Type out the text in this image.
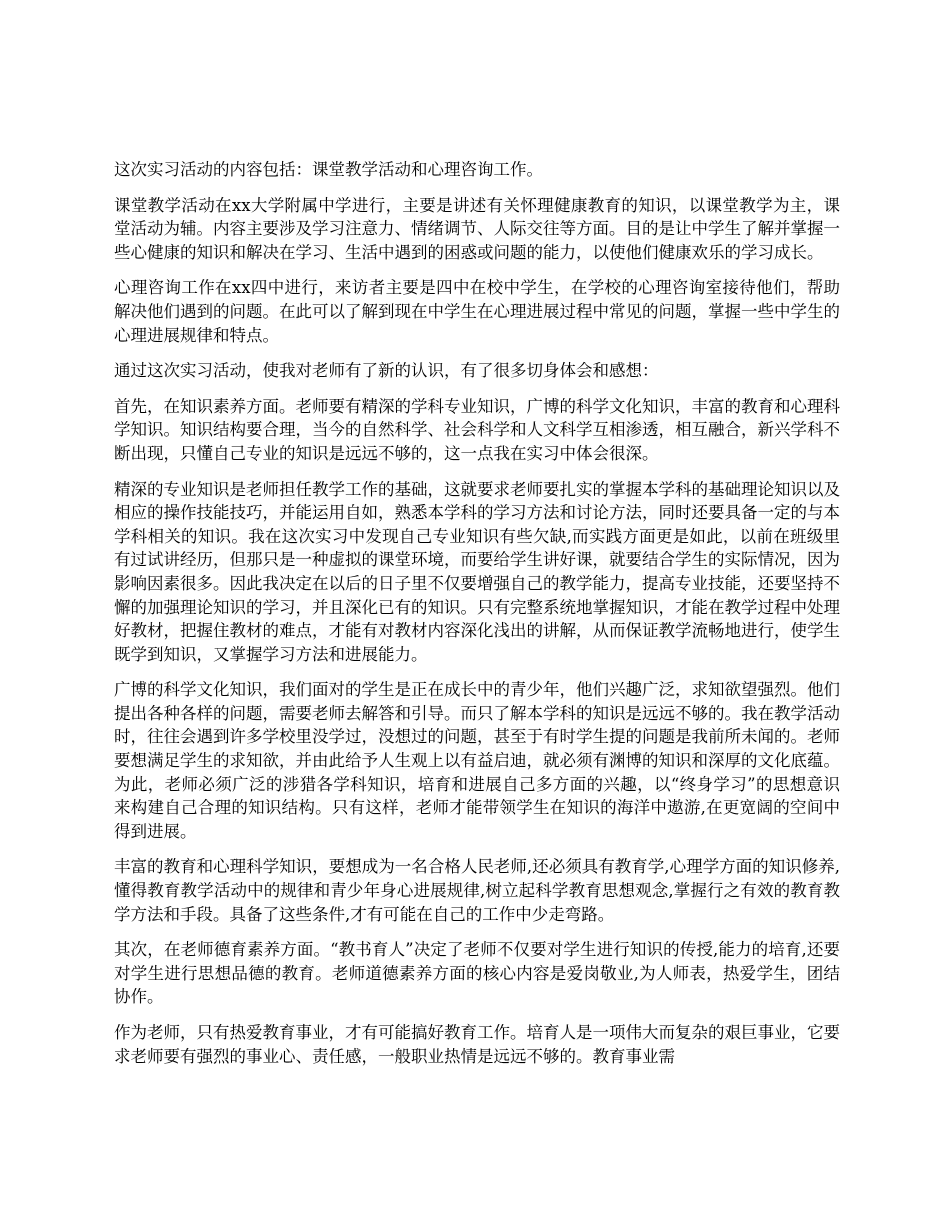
这次实习活动的内容包括：课堂教学活动和心理咨询工作。

课堂教学活动在xx大学附属中学进行，主要是讲述有关怀理健康教育的知识，以课堂教学为主，课堂活动为辅。内容主要涉及学习注意力、情绪调节、人际交往等方面。目的是让中学生了解并掌握一些心健康的知识和解决在学习、生活中遇到的困惑或问题的能力，以使他们健康欢乐的学习成长。

心理咨询工作在xx四中进行，来访者主要是四中在校中学生，在学校的心理咨询室接待他们，帮助解决他们遇到的问题。在此可以了解到现在中学生在心理进展过程中常见的问题，掌握一些中学生的心理进展规律和特点。

通过这次实习活动，使我对老师有了新的认识，有了很多切身体会和感想：

首先，在知识素养方面。老师要有精深的学科专业知识，广博的科学文化知识，丰富的教育和心理科学知识。知识结构要合理，当今的自然科学、社会科学和人文科学互相渗透，相互融合，新兴学科不断出现，只懂自己专业的知识是远远不够的，这一点我在实习中体会很深。

精深的专业知识是老师担任教学工作的基础，这就要求老师要扎实的掌握本学科的基础理论知识以及相应的操作技能技巧，并能运用自如，熟悉本学科的学习方法和讨论方法，同时还要具备一定的与本学科相关的知识。我在这次实习中发现自己专业知识有些欠缺,而实践方面更是如此，以前在班级里有过试讲经历，但那只是一种虚拟的课堂环境，而要给学生讲好课，就要结合学生的实际情况，因为影响因素很多。因此我决定在以后的日子里不仅要增强自己的教学能力，提高专业技能，还要坚持不懈的加强理论知识的学习，并且深化已有的知识。只有完整系统地掌握知识，才能在教学过程中处理好教材，把握住教材的难点，才能有对教材内容深化浅出的讲解，从而保证教学流畅地进行，使学生既学到知识，又掌握学习方法和进展能力。

广博的科学文化知识，我们面对的学生是正在成长中的青少年，他们兴趣广泛，求知欲望强烈。他们提出各种各样的问题，需要老师去解答和引导。而只了解本学科的知识是远远不够的。我在教学活动时，往往会遇到许多学校里没学过，没想过的问题，甚至于有时学生提的问题是我前所未闻的。老师要想满足学生的求知欲，并由此给予人生观上以有益启迪，就必须有渊博的知识和深厚的文化底蕴。为此，老师必须广泛的涉猎各学科知识，培育和进展自己多方面的兴趣，以“终身学习”的思想意识来构建自己合理的知识结构。只有这样，老师才能带领学生在知识的海洋中遨游,在更宽阔的空间中得到进展。

丰富的教育和心理科学知识，要想成为一名合格人民老师,还必须具有教育学,心理学方面的知识修养,懂得教育教学活动中的规律和青少年身心进展规律,树立起科学教育思想观念,掌握行之有效的教育教学方法和手段。具备了这些条件,才有可能在自己的工作中少走弯路。

其次，在老师德育素养方面。“教书育人”决定了老师不仅要对学生进行知识的传授,能力的培育,还要对学生进行思想品德的教育。老师道德素养方面的核心内容是爱岗敬业,为人师表，热爱学生，团结协作。

作为老师，只有热爱教育事业，才有可能搞好教育工作。培育人是一项伟大而复杂的艰巨事业，它要求老师要有强烈的事业心、责任感，一般职业热情是远远不够的。教育事业需
